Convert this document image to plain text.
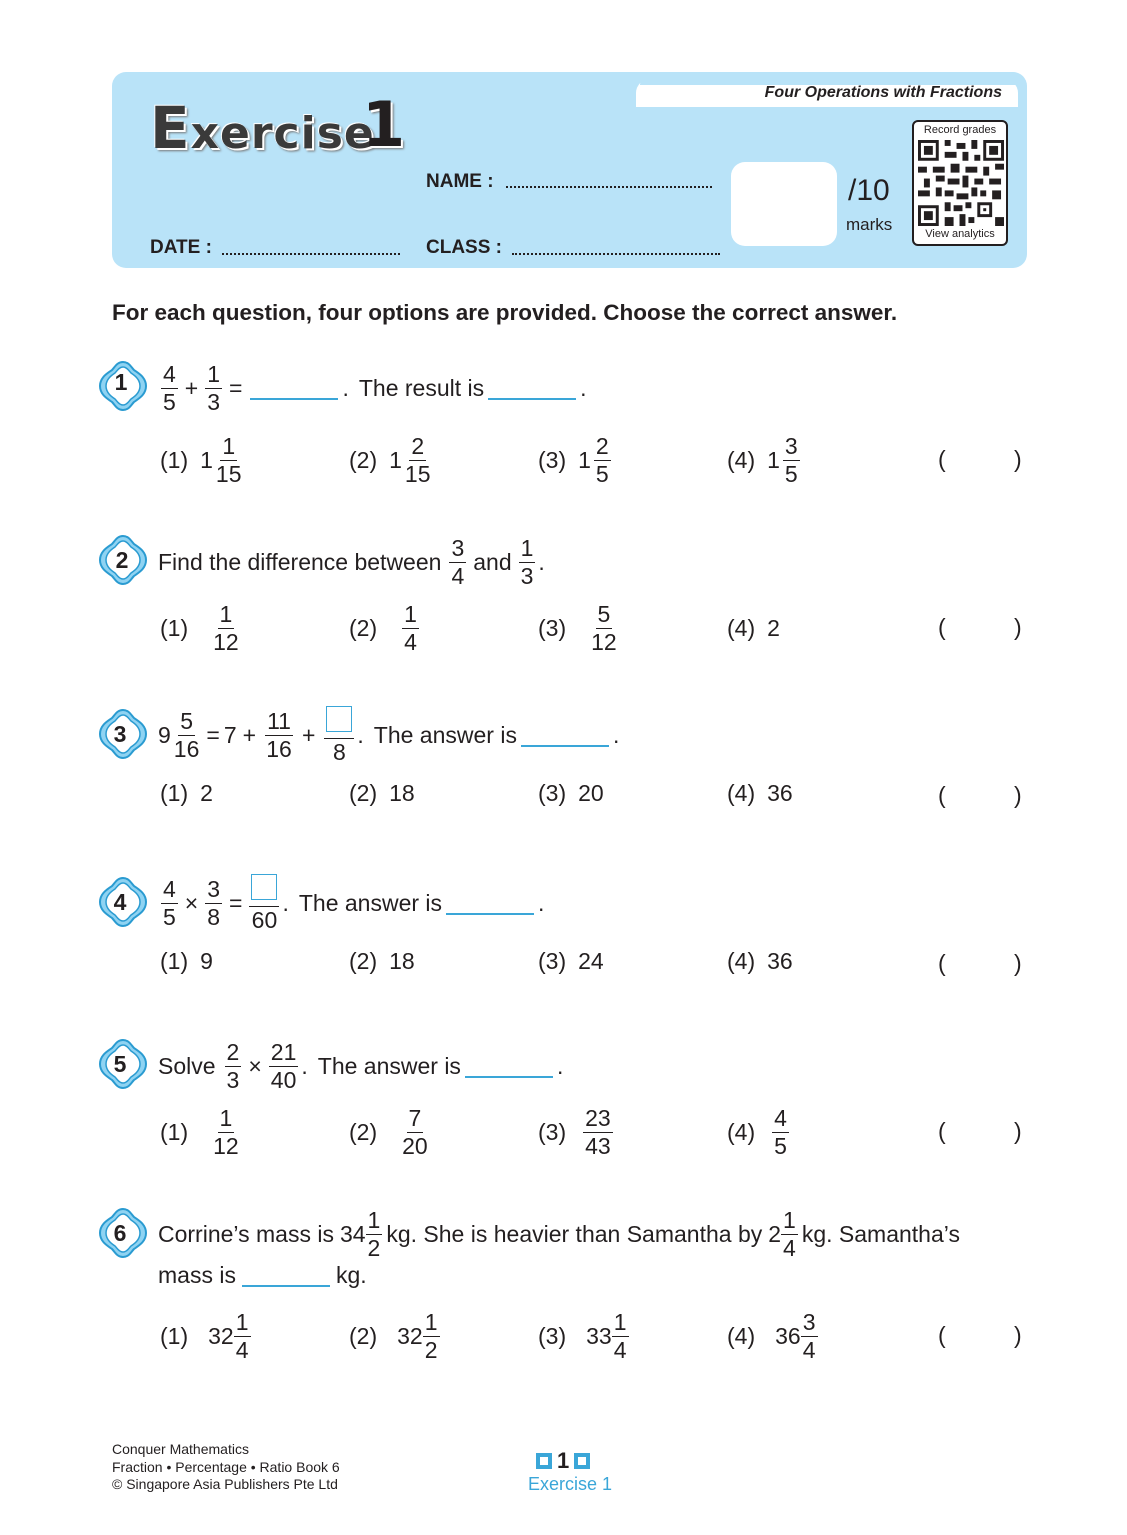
Four Operations with Fractions
Exercise
1
NAME :
DATE :	CLASS :
/10
marks
Record grades
View analytics
For each question, four options are provided. Choose the correct answer.
1	$\frac{4}{5} + \frac{1}{3}$ =	. The result is	.
(1) $1 \frac{1}{15}$	(2) $1 \frac{2}{15}$	(3) $1 \frac{2}{5}$	(4) $1 \frac{3}{5}$	(	)
2	Find the difference between $\frac{3}{4}$ and $\frac{1}{3}$ .
$(1) \frac{1}{12}$	$(2) \frac{1}{4}$	$(3) \frac{5}{12}$	(4) 2	(	)
3	$9 \frac{5}{16} = 7 + \frac{11}{16}$ +
8
. The answer is	.
(1) 2	(2) 18	(3) 20	(4) 36	(	)
4	$\frac{4}{5} \times \frac{3}{8}$ =
60
. The answer is	.
(1) 9	(2) 18	(3) 24	(4) 36	(	)
5	Solve $\frac{2}{3} \times \frac{21}{40}$ . The answer is	.
$(1) \frac{1}{12}$	$(2) \frac{7}{20}$	$(3) \frac{23}{43}$	$(4) \frac{4}{5}$	(	)
6	Corrine’s mass is $34 \frac{1}{2}$ kg. She is heavier than Samantha by $2 \frac{1}{4}$ kg. Samantha’s
mass is	kg.
(1) $32 \frac{1}{4}$	(2) $32 \frac{1}{2}$	(3) $33 \frac{1}{4}$	(4) $36 \frac{3}{4}$	(	)
Conquer Mathematics
Fraction • Percentage • Ratio Book 6
© Singapore Asia Publishers Pte Ltd
1
Exercise 1
